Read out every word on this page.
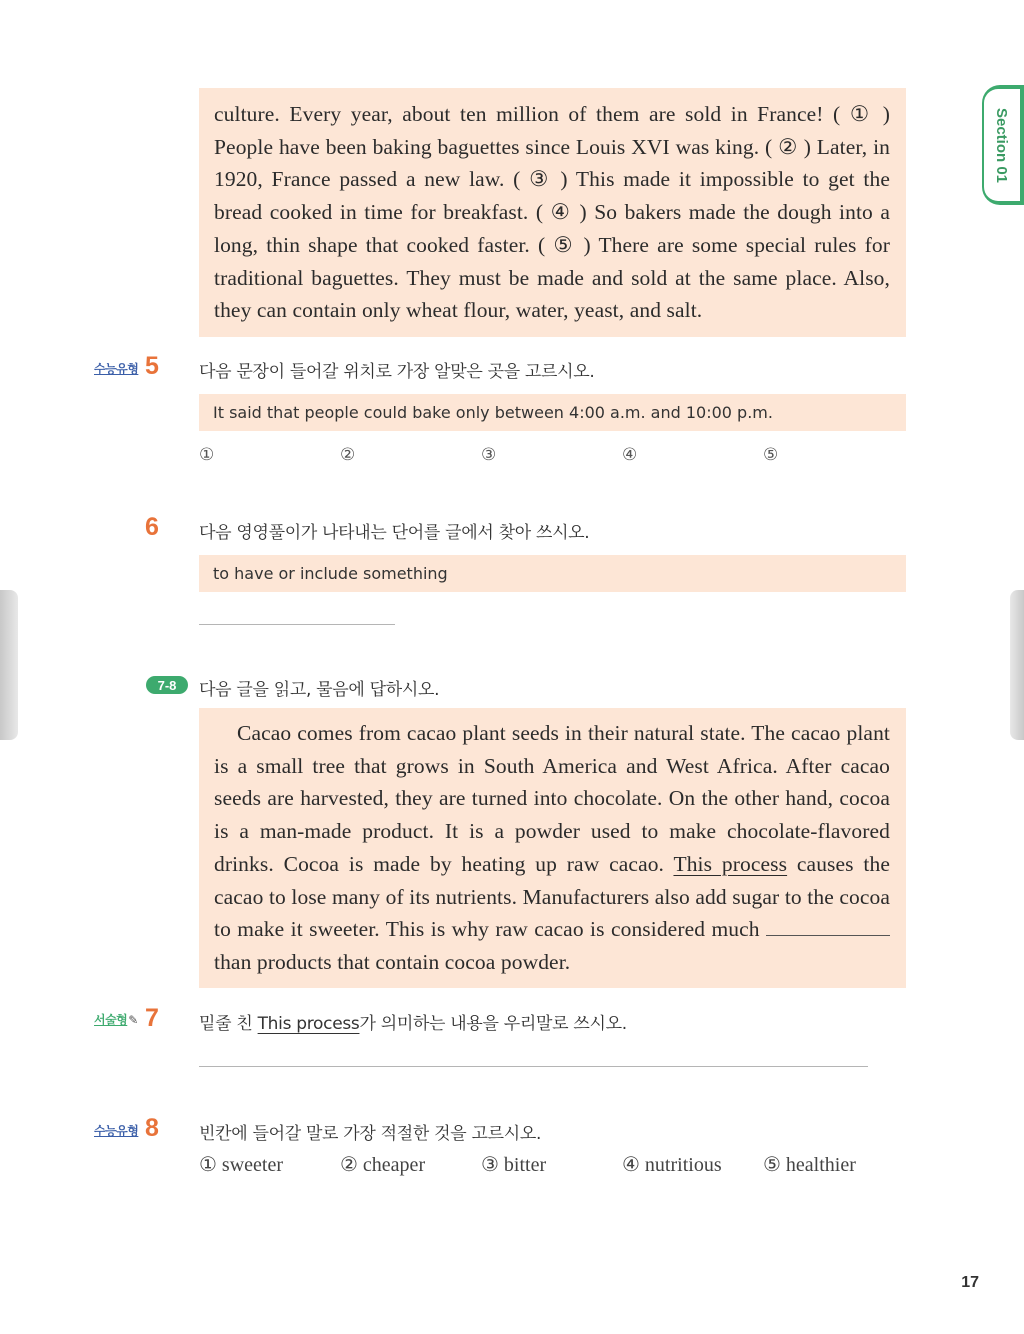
Section 01

culture. Every year, about ten million of them are sold in France! ( ① ) People have been baking baguettes since Louis XVI was king. ( ② ) Later, in 1920, France passed a new law. ( ③ ) This made it impossible to get the bread cooked in time for breakfast. ( ④ ) So bakers made the dough into a long, thin shape that cooked faster. ( ⑤ ) There are some special rules for traditional baguettes. They must be made and sold at the same place. Also, they can contain only wheat flour, water, yeast, and salt.

수능유형 5 다음 문장이 들어갈 위치로 가장 알맞은 곳을 고르시오.
It said that people could bake only between 4:00 a.m. and 10:00 p.m.
①	②	③	④	⑤
6 다음 영영풀이가 나타내는 단어를 글에서 찾아 쓰시오.
to have or include something
7-8	다음 글을 읽고, 물음에 답하시오.

Cacao comes from cacao plant seeds in their natural state. The cacao plant is a small tree that grows in South America and West Africa. After cacao seeds are harvested, they are turned into chocolate. On the other hand, cocoa is a man-made product. It is a powder used to make chocolate-flavored drinks. Cocoa is made by heating up raw cacao. This process causes the cacao to lose many of its nutrients. Manufacturers also add sugar to the cocoa to make it sweeter. This is why raw cacao is considered much  than products that contain cocoa powder.

서술형✎ 7 밑줄 친 This process가 의미하는 내용을 우리말로 쓰시오.
수능유형 8 빈칸에 들어갈 말로 가장 적절한 것을 고르시오.
① sweeter	② cheaper	③ bitter	④ nutritious ⑤ healthier
17
